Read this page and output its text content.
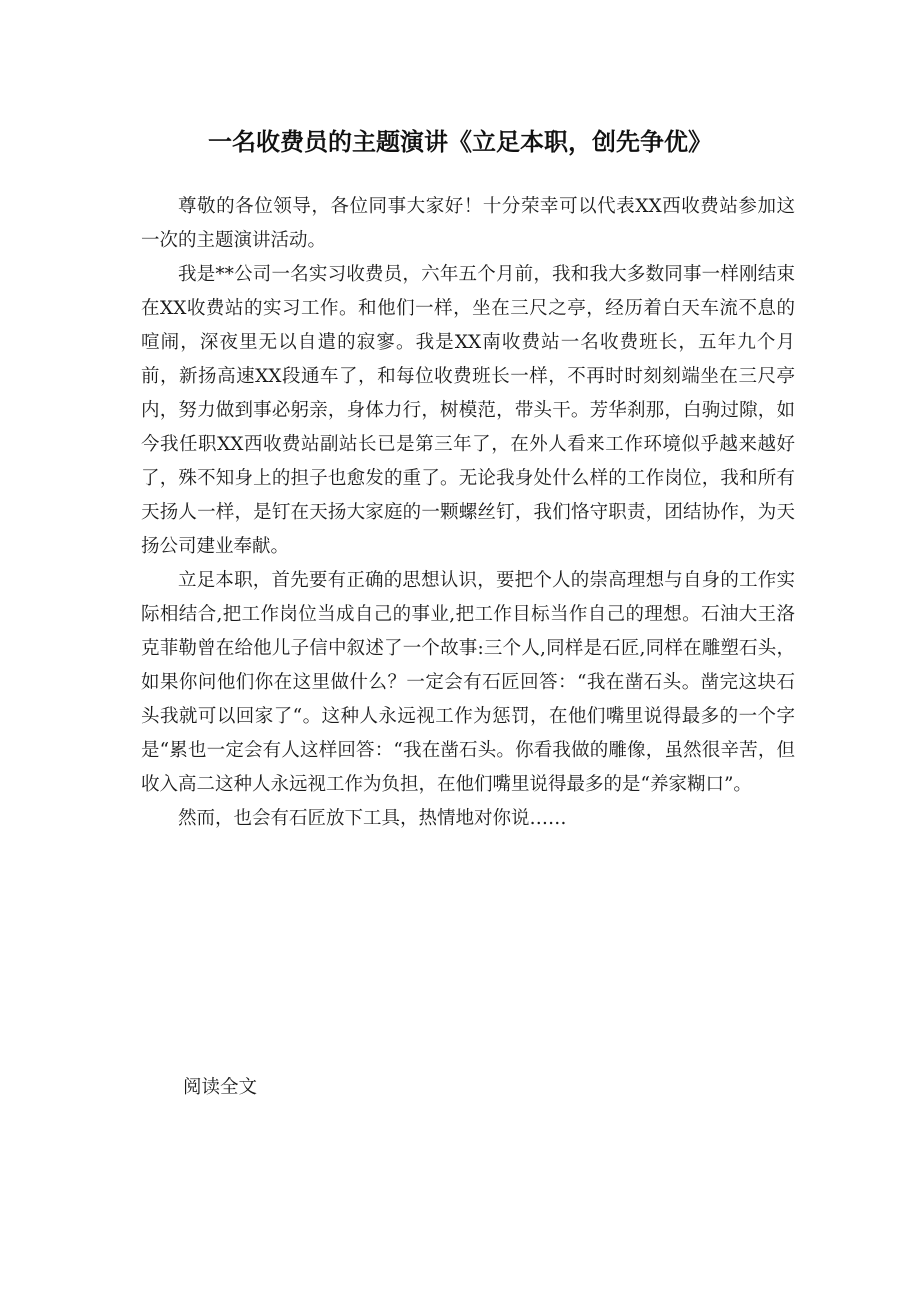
一名收费员的主题演讲《立足本职，创先争优》

尊敬的各位领导，各位同事大家好！十分荣幸可以代表XX西收费站参加这一次的主题演讲活动。

我是**公司一名实习收费员，六年五个月前，我和我大多数同事一样刚结束在XX收费站的实习工作。和他们一样，坐在三尺之亭，经历着白天车流不息的喧闹，深夜里无以自遣的寂寥。我是XX南收费站一名收费班长，五年九个月前，新扬高速XX段通车了，和每位收费班长一样，不再时时刻刻端坐在三尺亭内，努力做到事必躬亲，身体力行，树模范，带头干。芳华刹那，白驹过隙，如今我任职XX西收费站副站长已是第三年了，在外人看来工作环境似乎越来越好了，殊不知身上的担子也愈发的重了。无论我身处什么样的工作岗位，我和所有天扬人一样，是钉在天扬大家庭的一颗螺丝钉，我们恪守职责，团结协作，为天扬公司建业奉献。

立足本职，首先要有正确的思想认识，要把个人的崇高理想与自身的工作实际相结合,把工作岗位当成自己的事业,把工作目标当作自己的理想。石油大王洛克菲勒曾在给他儿子信中叙述了一个故事:三个人,同样是石匠,同样在雕塑石头，如果你问他们你在这里做什么？一定会有石匠回答：“我在凿石头。凿完这块石头我就可以回家了“。这种人永远视工作为惩罚，在他们嘴里说得最多的一个字是“累也一定会有人这样回答：“我在凿石头。你看我做的雕像，虽然很辛苦，但收入高二这种人永远视工作为负担，在他们嘴里说得最多的是“养家糊口”。

然而，也会有石匠放下工具，热情地对你说……

阅读全文
